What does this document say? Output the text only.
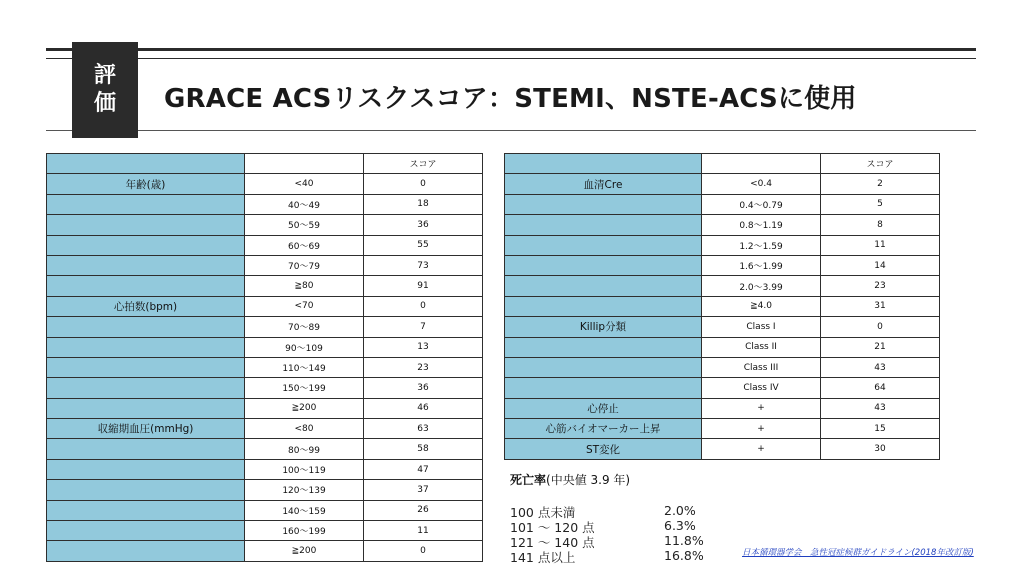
評
価 GRACE ACSリスクスコア：STEMI、NSTE-ACSに使用
		スコア
年齢(歳)	<40	0
	40〜49	18
	50〜59	36
	60〜69	55
	70〜79	73
	≧80	91
心拍数(bpm)	<70	0
	70〜89	7
	90〜109	13
	110〜149	23
	150〜199	36
	≧200	46
収縮期血圧(mmHg)	<80	63
	80〜99	58
	100〜119	47
	120〜139	37
	140〜159	26
	160〜199	11
	≧200	0
		スコア
血清Cre	<0.4	2
	0.4〜0.79	5
	0.8〜1.19	8
	1.2〜1.59	11
	1.6〜1.99	14
	2.0〜3.99	23
	≧4.0	31
Killip分類	Class I	0
	Class II	21
	Class III	43
	Class IV	64
心停止	+	43
心筋バイオマーカー上昇	+	15
ST変化	+	30
死亡率(中央値 3.9 年)
100 点未満	2.0%
101 ～ 120 点	6.3%
121 ～ 140 点	11.8%
141 点以上	16.8%	日本循環器学会　急性冠症候群ガイドライン(2018年改訂版)
